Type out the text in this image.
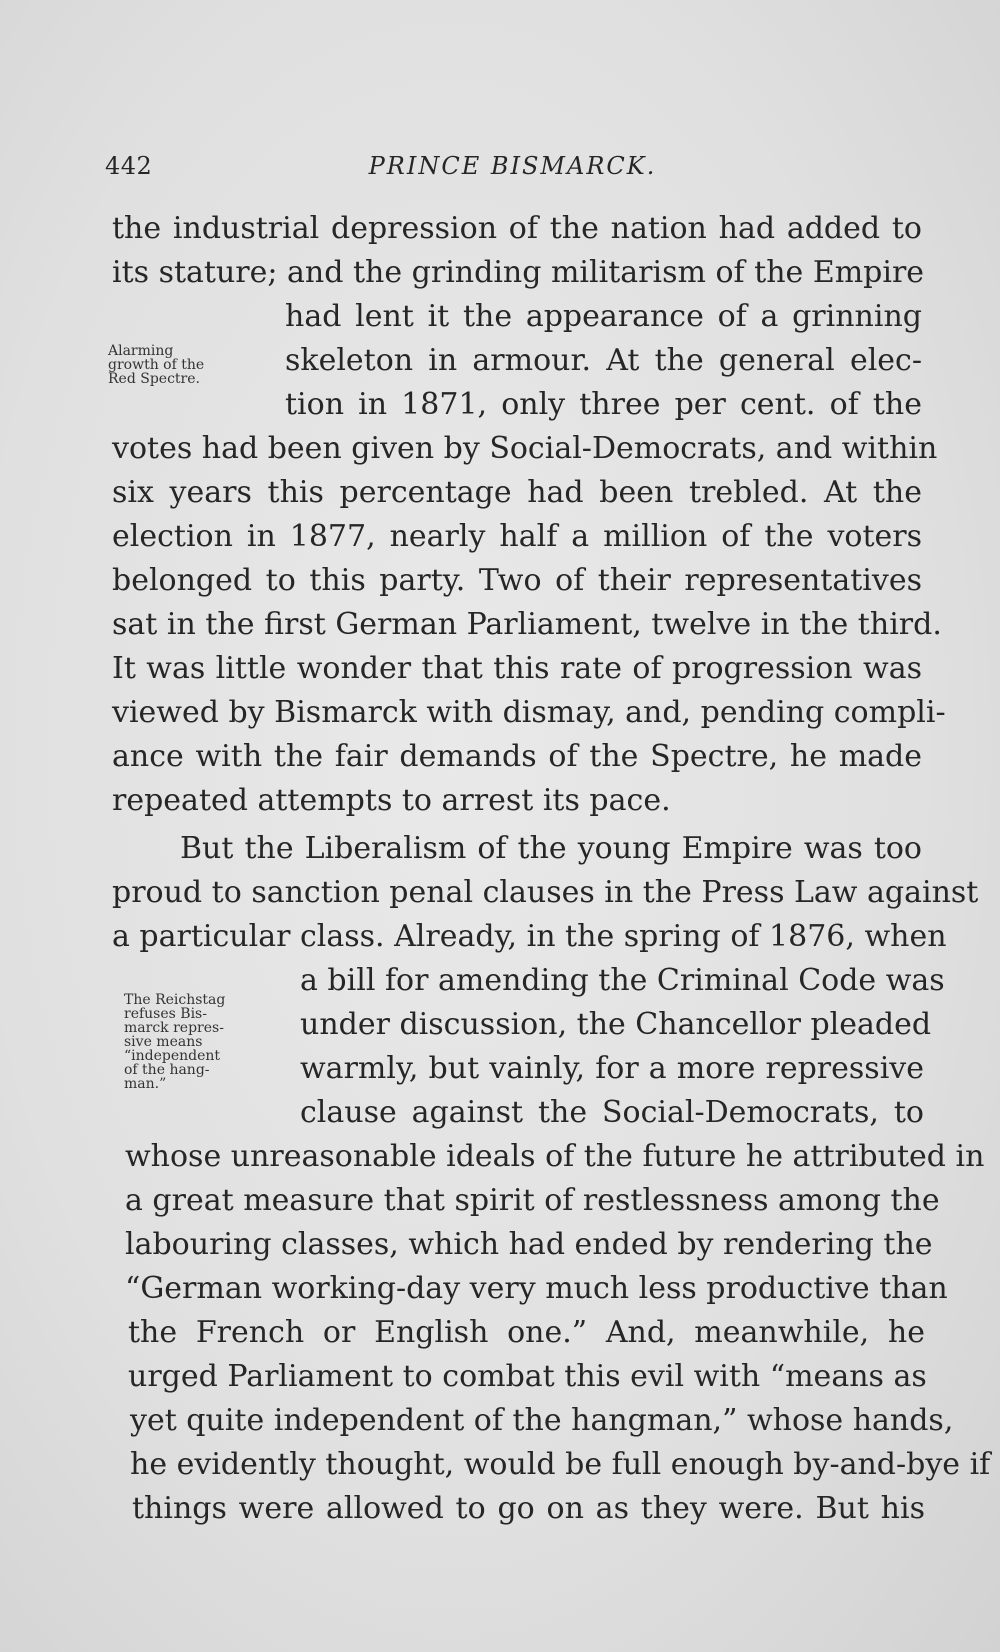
442	PRINCE BISMARCK.
Alarming
growth of the
Red Spectre.
The Reichstag
refuses Bis-
marck repres-
sive means
“independent
of the hang-
man.”
the industrial depression of the nation had added to
its stature; and the grinding militarism of the Empire
had lent it the appearance of a grinning
skeleton in armour. At the general elec-
tion in 1871, only three per cent. of the
votes had been given by Social-Democrats, and within
six years this percentage had been trebled. At the
election in 1877, nearly half a million of the voters
belonged to this party. Two of their representatives
sat in the first German Parliament, twelve in the third.
It was little wonder that this rate of progression was
viewed by Bismarck with dismay, and, pending compli-
ance with the fair demands of the Spectre, he made
repeated attempts to arrest its pace.
But the Liberalism of the young Empire was too
proud to sanction penal clauses in the Press Law against
a particular class. Already, in the spring of 1876, when
a bill for amending the Criminal Code was
under discussion, the Chancellor pleaded
warmly, but vainly, for a more repressive
clause against the Social-Democrats, to
whose unreasonable ideals of the future he attributed in
a great measure that spirit of restlessness among the
labouring classes, which had ended by rendering the
“German working-day very much less productive than
the French or English one.” And, meanwhile, he
urged Parliament to combat this evil with “means as
yet quite independent of the hangman,” whose hands,
he evidently thought, would be full enough by-and-bye if
things were allowed to go on as they were. But his
